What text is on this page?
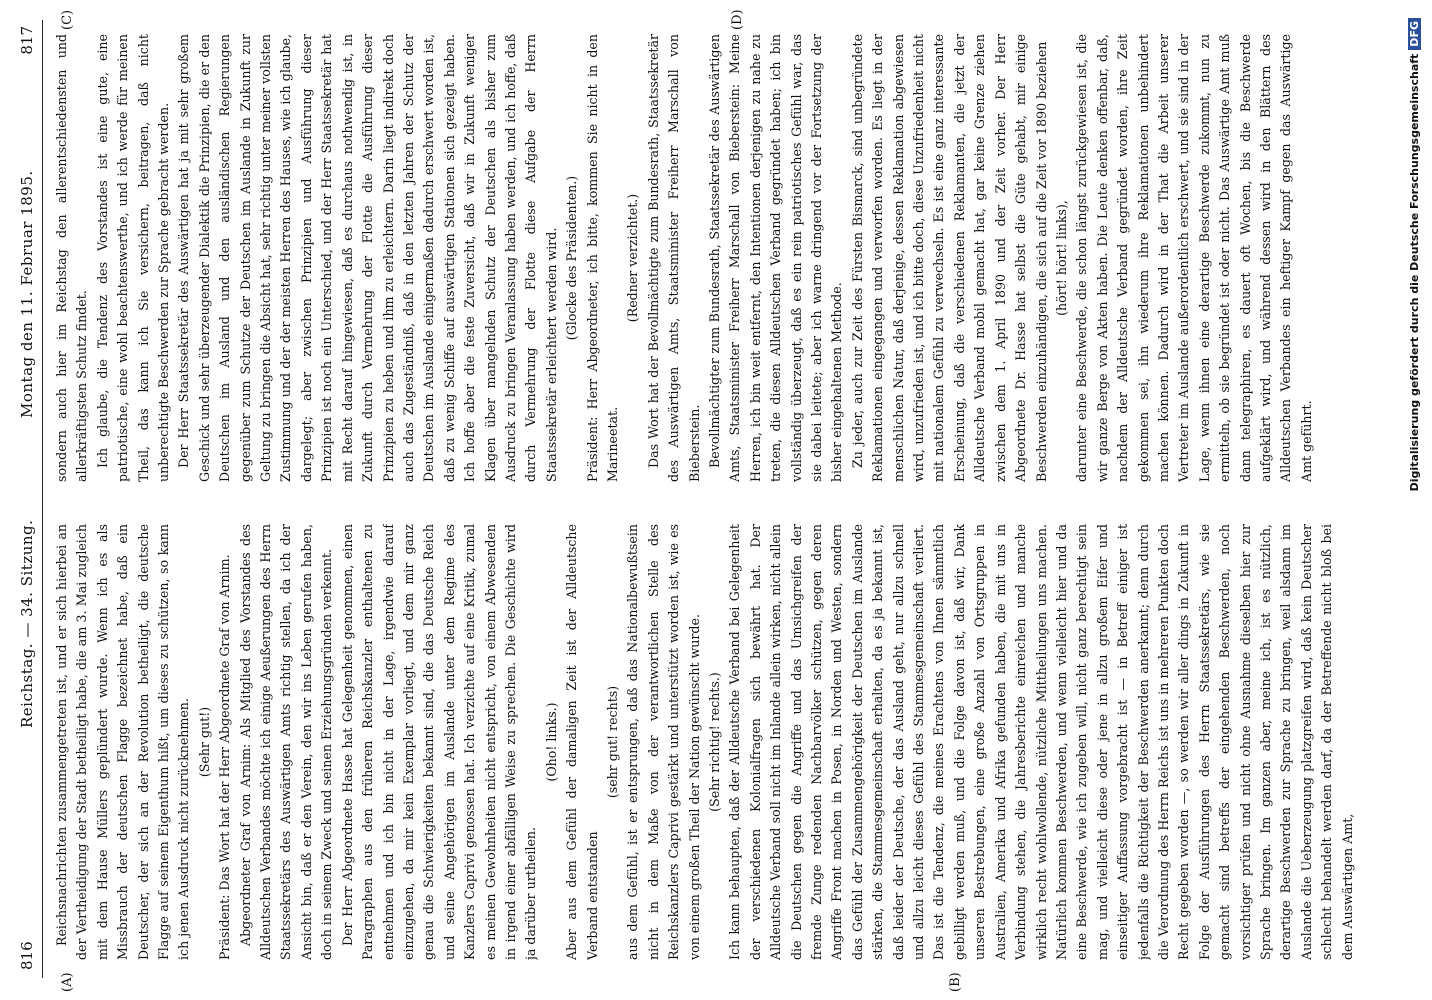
816
Reichstag. — 34. Sitzung.
Montag den 11. Februar 1895.
817
(A)	(B)
(C)	(D)

Reichsnachrichten zusammengetreten ist, und er sich hierbei an der Vertheidigung der Stadt betheiligt habe, die am 3. Mai zugleich mit dem Hause Müllers geplündert wurde. Wenn ich es als Missbrauch der deutschen Flagge bezeichnet habe, daß ein Deutscher, der sich an der Revolution betheiligt, die deutsche Flagge auf seinem Eigenthum hißt, um dieses zu schützen, so kann ich jenen Ausdruck nicht zurücknehmen. (Sehr gut!) Präsident: Das Wort hat der Herr Abgeordnete Graf von Arnim. Abgeordneter Graf von Arnim: Als Mitglied des Vorstandes des Alldeutschen Verbandes möchte ich einige Aeußerungen des Herrn Staatssekretärs des Auswärtigen Amts richtig stellen, da ich der Ansicht bin, daß er den Verein, den wir ins Leben gerufen haben, doch in seinem Zweck und seinen Erziehungsgründen verkennt. Der Herr Abgeordnete Hasse hat Gelegenheit genommen, einen Paragraphen aus den früheren Reichskanzler enthaltenen zu entnehmen und ich bin nicht in der Lage, irgendwie darauf einzugehen, da mir kein Exemplar vorliegt, und dem mir ganz genau die Schwierigkeiten bekannt sind, die das Deutsche Reich und seine Angehörigen im Auslande unter dem Regime des Kanzlers Caprivi genossen hat. Ich verzichte auf eine Kritik, zumal es meinen Gewohnheiten nicht entspricht, von einem Abwesenden in irgend einer abfälligen Weise zu sprechen. Die Geschichte wird ja darüber urtheilen.

(Oho! links.) Aber aus dem Gefühl der damaligen Zeit ist der Alldeutsche Verband entstanden

(sehr gut! rechts) aus dem Gefühl, ist er entsprungen, daß das Nationalbewußtsein nicht in dem Maße von der verantwortlichen Stelle des Reichskanzlers Caprivi gestärkt und unterstützt worden ist, wie es von einem großen Theil der Nation gewünscht wurde. (Sehr richtig! rechts.) Ich kann behaupten, daß der Alldeutsche Verband bei Gelegenheit der verschiedenen Kolonialfragen sich bewährt hat. Der Alldeutsche Verband soll nicht im Inlande allein wirken, nicht allein die Deutschen gegen die Angriffe und das Umsichgreifen der fremde Zunge redenden Nachbarvölker schützen, gegen deren Angriffe Front machen in Posen, in Norden und Westen, sondern das Gefühl der Zusammengehörigkeit der Deutschen im Auslande stärken, die Stammesgemeinschaft erhalten, da es ja bekannt ist, daß leider der Deutsche, der das Ausland geht, nur allzu schnell und allzu leicht dieses Gefühl des Stammesgemeinschaft verliert. Das ist die Tendenz, die meines Erachtens von Ihnen sämmtlich gebilligt werden muß, und die Folge davon ist, daß wir, Dank unseren Bestrebungen, eine große Anzahl von Ortsgruppen in Australien, Amerika und Afrika gefunden haben, die mit uns in Verbindung stehen, die Jahresberichte einreichen und manche wirklich recht wohlwollende, nützliche Mittheilungen uns machen. Natürlich kommen Beschwerden, und wenn vielleicht hier und da eine Beschwerde, wie ich zugeben will, nicht ganz berechtigt sein mag, und vielleicht diese oder jene in allzu großem Eifer und einseitiger Auffassung vorgebracht ist — in Betreff einiger ist jedenfalls die Richtigkeit der Beschwerden anerkannt; denn durch die Verordnung des Herrn Reichs ist uns in mehreren Punkten doch Recht gegeben worden —, so werden wir aller dings in Zukunft in Folge der Ausführungen des Herrn Staatssekretärs, wie sie gemacht sind betreffs der eingehenden Beschwerden, noch vorsichtiger prüfen und nicht ohne Ausnahme dieselben hier zur Sprache bringen. Im ganzen aber, meine ich, ist es nützlich, derartige Beschwerden zur Sprache zu bringen, weil alsdann im Auslande die Ueberzeugung platzgreifen wird, daß kein Deutscher schlecht behandelt werden darf, da der Betreffende nicht bloß bei dem Auswärtigen Amt,

sondern auch hier im Reichstag den allerentschiedensten und allerkräftigsten Schutz findet. Ich glaube, die Tendenz des Vorstandes ist eine gute, eine patriotische, eine wohl beachtenswerthe, und ich werde für meinen Theil, das kann ich Sie versichern, beitragen, daß nicht unberechtigte Beschwerden zur Sprache gebracht werden. Der Herr Staatssekretär des Auswärtigen hat ja mit sehr großem Geschick und sehr überzeugender Dialektik die Prinzipien, die er den Deutschen im Ausland und den ausländischen Regierungen gegenüber zum Schutze der Deutschen im Auslande in Zukunft zur Geltung zu bringen die Absicht hat, sehr richtig unter meiner vollsten Zustimmung und der der meisten Herren des Hauses, wie ich glaube, dargelegt; aber zwischen Prinzipien und Ausführung dieser Prinzipien ist noch ein Unterschied, und der Herr Staatssekretär hat mit Recht darauf hingewiesen, daß es durchaus nothwendig ist, in Zukunft durch Vermehrung der Flotte die Ausführung dieser Prinzipien zu heben und ihm zu erleichtern. Darin liegt indirekt doch auch das Zugeständniß, daß in den letzten Jahren der Schutz der Deutschen im Auslande einigermaßen dadurch erschwert worden ist, daß zu wenig Schiffe auf auswärtigen Stationen sich gezeigt haben. Ich hoffe aber die feste Zuversicht, daß wir in Zukunft weniger Klagen über mangelnden Schutz der Deutschen als bisher zum Ausdruck zu bringen Veranlassung haben werden, und ich hoffe, daß durch Vermehrung der Flotte diese Aufgabe der Herrn Staatssekretär erleichtert werden wird. (Glocke des Präsidenten.) Präsident: Herr Abgeordneter, ich bitte, kommen Sie nicht in den Marineetat.

(Redner verzichtet.) Das Wort hat der Bevollmächtigte zum Bundesrath, Staatssekretär des Auswärtigen Amts, Staatsminister Freiherr Marschall von Bieberstein. Bevollmächtigter zum Bundesrath, Staatssekretär des Auswärtigen Amts, Staatsminister Freiherr Marschall von Bieberstein: Meine Herren, ich bin weit entfernt, den Intentionen derjenigen zu nahe zu treten, die diesen Alldeutschen Verband gegründet haben; ich bin vollständig überzeugt, daß es ein rein patriotisches Gefühl war, das sie dabei leitete; aber ich warne dringend vor der Fortsetzung der bisher eingehaltenen Methode. Zu jeder, auch zur Zeit des Fürsten Bismarck, sind unbegründete Reklamationen eingegangen und verworfen worden. Es liegt in der menschlichen Natur, daß derjenige, dessen Reklamation abgewiesen wird, unzufrieden ist, und ich bitte doch, diese Unzufriedenheit nicht mit nationalem Gefühl zu verwechseln. Es ist eine ganz interessante Erscheinung, daß die verschiedenen Reklamanten, die jetzt der Alldeutsche Verband mobil gemacht hat, gar keine Grenze ziehen zwischen dem 1. April 1890 und der Zeit vorher. Der Herr Abgeordnete Dr. Hasse hat selbst die Güte gehabt, mir einige Beschwerden einzuhändigen, die sich auf die Zeit vor 1890 beziehen (hört! hört! links), darunter eine Beschwerde, die schon längst zurückgewiesen ist, die wir ganze Berge von Akten haben. Die Leute denken offenbar, daß, nachdem der Alldeutsche Verband gegründet worden, ihre Zeit gekommen sei, ihn wiederum ihre Reklamationen unbehindert machen können. Dadurch wird in der That die Arbeit unserer Vertreter im Auslande außerordentlich erschwert, und sie sind in der Lage, wenn ihnen eine derartige Beschwerde zukommt, nun zu ermitteln, ob sie begründet ist oder nicht. Das Auswärtige Amt muß dann telegraphiren, es dauert oft Wochen, bis die Beschwerde aufgeklärt wird, und während dessen wird in den Blättern des Alldeutschen Verbandes ein heftiger Kampf gegen das Auswärtige Amt geführt.	Digitalisierung gefördert durch die Deutsche ForschungsgemeinschaftDFG
